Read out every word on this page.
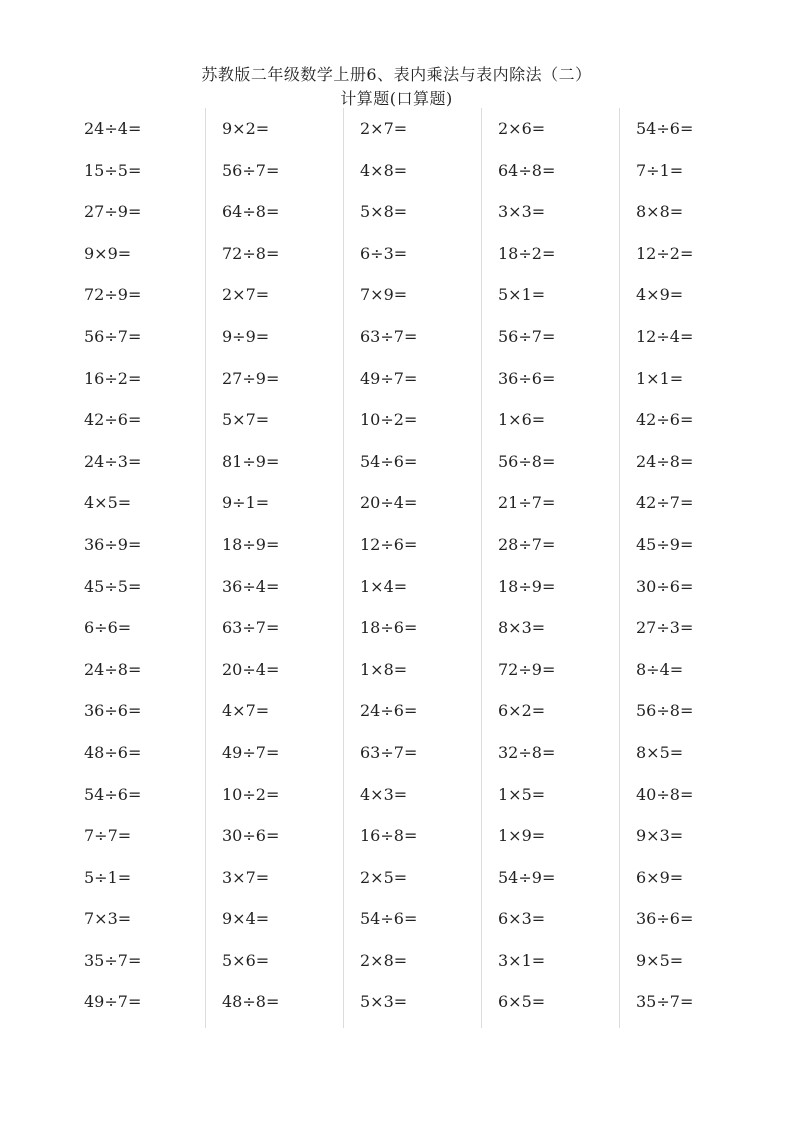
苏教版二年级数学上册6、表内乘法与表内除法（二）
计算题(口算题)
24÷4=
15÷5=
27÷9=
9×9=
72÷9=
56÷7=
16÷2=
42÷6=
24÷3=
4×5=
36÷9=
45÷5=
6÷6=
24÷8=
36÷6=
48÷6=
54÷6=
7÷7=
5÷1=
7×3=
35÷7=
49÷7=
9×2=
56÷7=
64÷8=
72÷8=
2×7=
9÷9=
27÷9=
5×7=
81÷9=
9÷1=
18÷9=
36÷4=
63÷7=
20÷4=
4×7=
49÷7=
10÷2=
30÷6=
3×7=
9×4=
5×6=
48÷8=
2×7=
4×8=
5×8=
6÷3=
7×9=
63÷7=
49÷7=
10÷2=
54÷6=
20÷4=
12÷6=
1×4=
18÷6=
1×8=
24÷6=
63÷7=
4×3=
16÷8=
2×5=
54÷6=
2×8=
5×3=
2×6=
64÷8=
3×3=
18÷2=
5×1=
56÷7=
36÷6=
1×6=
56÷8=
21÷7=
28÷7=
18÷9=
8×3=
72÷9=
6×2=
32÷8=
1×5=
1×9=
54÷9=
6×3=
3×1=
6×5=
54÷6=
7÷1=
8×8=
12÷2=
4×9=
12÷4=
1×1=
42÷6=
24÷8=
42÷7=
45÷9=
30÷6=
27÷3=
8÷4=
56÷8=
8×5=
40÷8=
9×3=
6×9=
36÷6=
9×5=
35÷7=
